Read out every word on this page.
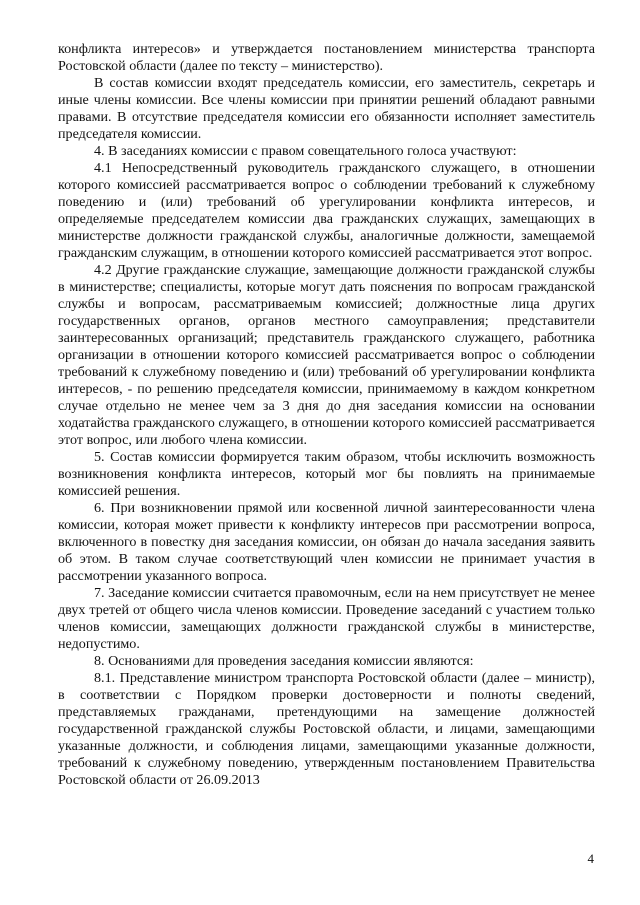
конфликта интересов» и утверждается постановлением министерства транспорта Ростовской области (далее по тексту – министерство).

В состав комиссии входят председатель комиссии, его заместитель, секретарь и иные члены комиссии. Все члены комиссии при принятии решений обладают равными правами. В отсутствие председателя комиссии его обязанности исполняет заместитель председателя комиссии.

4. В заседаниях комиссии с правом совещательного голоса участвуют:

4.1 Непосредственный руководитель гражданского служащего, в отношении которого комиссией рассматривается вопрос о соблюдении требований к служебному поведению и (или) требований об урегулировании конфликта интересов, и определяемые председателем комиссии два гражданских служащих, замещающих в министерстве должности гражданской службы, аналогичные должности, замещаемой гражданским служащим, в отношении которого комиссией рассматривается этот вопрос.

4.2 Другие гражданские служащие, замещающие должности гражданской службы в министерстве; специалисты, которые могут дать пояснения по вопросам гражданской службы и вопросам, рассматриваемым комиссией; должностные лица других государственных органов, органов местного самоуправления; представители заинтересованных организаций; представитель гражданского служащего, работника организации в отношении которого комиссией рассматривается вопрос о соблюдении требований к служебному поведению и (или) требований об урегулировании конфликта интересов, - по решению председателя комиссии, принимаемому в каждом конкретном случае отдельно не менее чем за 3 дня до дня заседания комиссии на основании ходатайства гражданского служащего, в отношении которого комиссией рассматривается этот вопрос, или любого члена комиссии.

5. Состав комиссии формируется таким образом, чтобы исключить возможность возникновения конфликта интересов, который мог бы повлиять на принимаемые комиссией решения.

6. При возникновении прямой или косвенной личной заинтересованности члена комиссии, которая может привести к конфликту интересов при рассмотрении вопроса, включенного в повестку дня заседания комиссии, он обязан до начала заседания заявить об этом. В таком случае соответствующий член комиссии не принимает участия в рассмотрении указанного вопроса.

7. Заседание комиссии считается правомочным, если на нем присутствует не менее двух третей от общего числа членов комиссии. Проведение заседаний с участием только членов комиссии, замещающих должности гражданской службы в министерстве, недопустимо.

8. Основаниями для проведения заседания комиссии являются:

8.1. Представление министром транспорта Ростовской области (далее – министр), в соответствии с Порядком проверки достоверности и полноты сведений, представляемых гражданами, претендующими на замещение должностей государственной гражданской службы Ростовской области, и лицами, замещающими указанные должности, и соблюдения лицами, замещающими указанные должности, требований к служебному поведению, утвержденным постановлением Правительства Ростовской области от 26.09.2013

4
